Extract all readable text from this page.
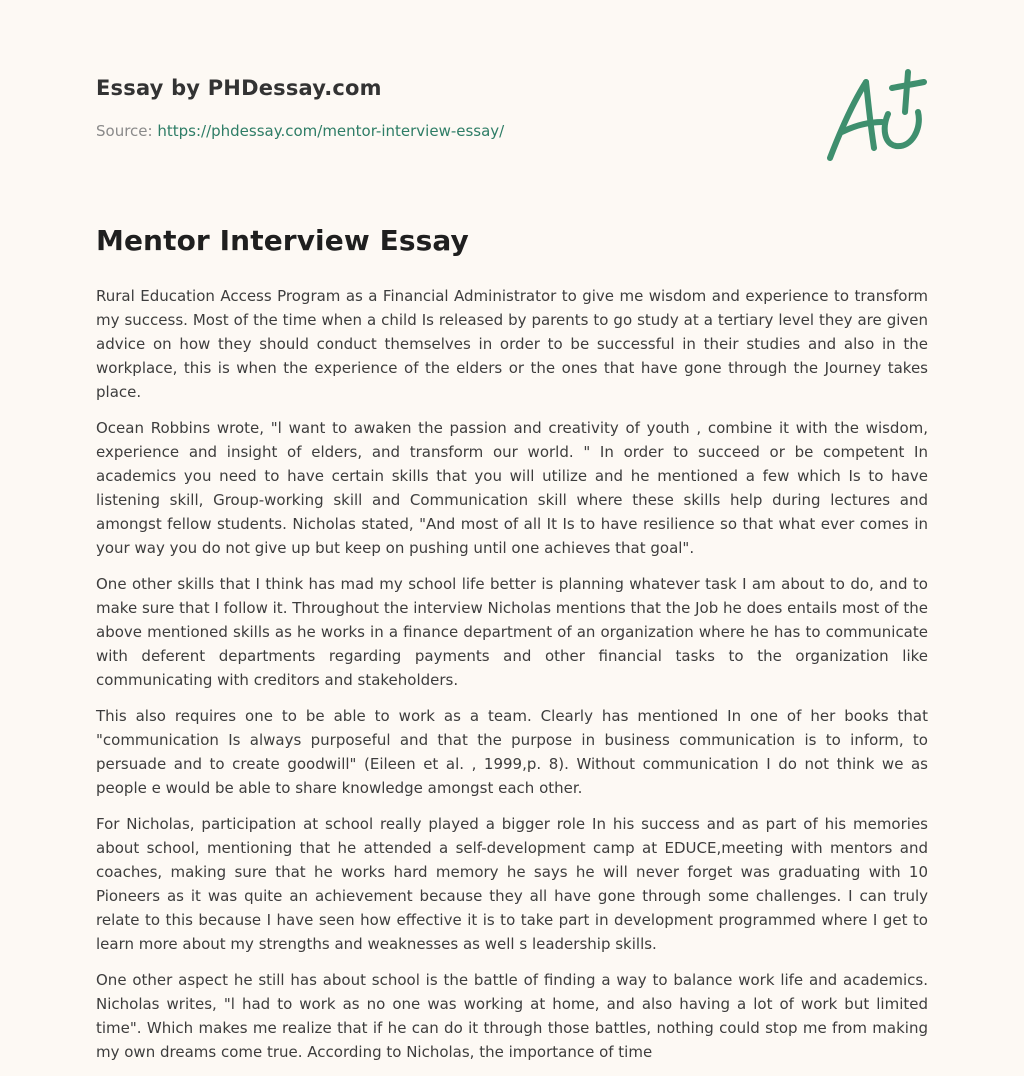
Essay by PHDessay.com
Source: https://phdessay.com/mentor-interview-essay/
Mentor Interview Essay

Rural Education Access Program as a Financial Administrator to give me wisdom and experience to transform my success. Most of the time when a child Is released by parents to go study at a tertiary level they are given advice on how they should conduct themselves in order to be successful in their studies and also in the workplace, this is when the experience of the elders or the ones that have gone through the Journey takes place.

Ocean Robbins wrote, "l want to awaken the passion and creativity of youth , combine it with the wisdom, experience and insight of elders, and transform our world. " In order to succeed or be competent In academics you need to have certain skills that you will utilize and he mentioned a few which Is to have listening skill, Group-working skill and Communication skill where these skills help during lectures and amongst fellow students. Nicholas stated, "And most of all It Is to have resilience so that what ever comes in your way you do not give up but keep on pushing until one achieves that goal".

One other skills that I think has mad my school life better is planning whatever task I am about to do, and to make sure that I follow it. Throughout the interview Nicholas mentions that the Job he does entails most of the above mentioned skills as he works in a finance department of an organization where he has to communicate with deferent departments regarding payments and other financial tasks to the organization like communicating with creditors and stakeholders.

This also requires one to be able to work as a team. Clearly has mentioned In one of her books that "communication Is always purposeful and that the purpose in business communication is to inform, to persuade and to create goodwill" (Eileen et al. , 1999,p. 8). Without communication I do not think we as people e would be able to share knowledge amongst each other.

For Nicholas, participation at school really played a bigger role In his success and as part of his memories about school, mentioning that he attended a self-development camp at EDUCE,meeting with mentors and coaches, making sure that he works hard memory he says he will never forget was graduating with 10 Pioneers as it was quite an achievement because they all have gone through some challenges. I can truly relate to this because I have seen how effective it is to take part in development programmed where I get to learn more about my strengths and weaknesses as well s leadership skills.

One other aspect he still has about school is the battle of finding a way to balance work life and academics. Nicholas writes, "l had to work as no one was working at home, and also having a lot of work but limited time". Which makes me realize that if he can do it through those battles, nothing could stop me from making my own dreams come true. According to Nicholas, the importance of time
